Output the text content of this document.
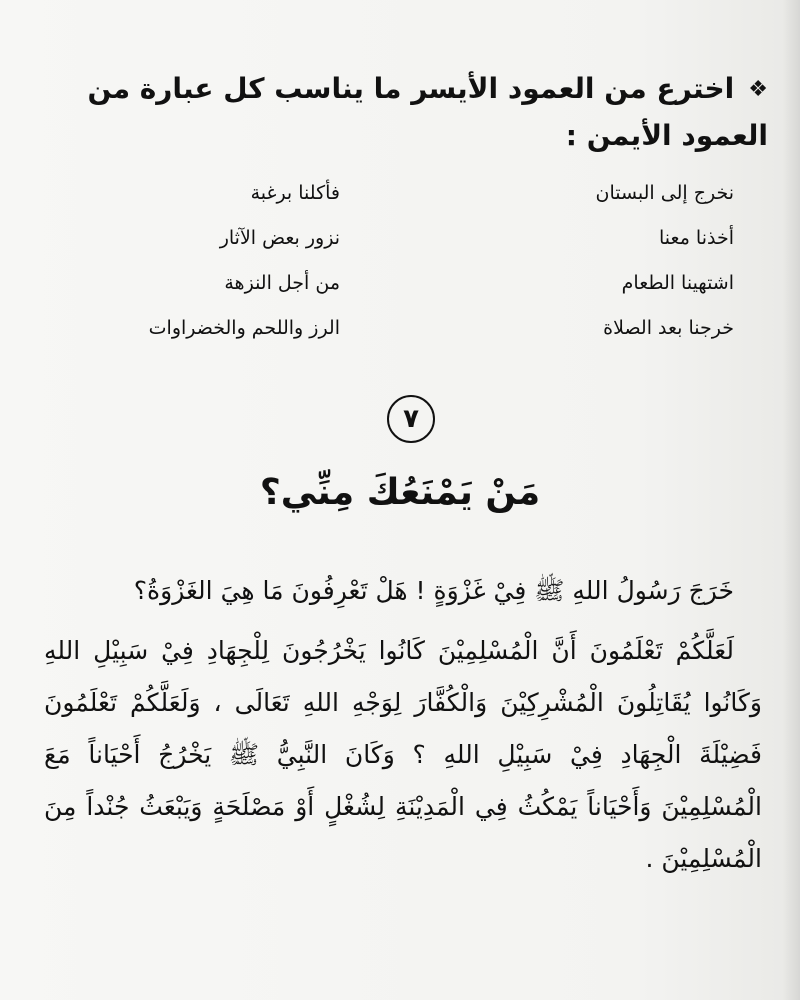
❖اخترع من العمود الأيسر ما يناسب كل عبارة من العمود الأيمن :
نخرج إلى البستان
فأكلنا برغبة
أخذنا معنا
نزور بعض الآثار
اشتهينا الطعام
من أجل النزهة
خرجنا بعد الصلاة
الرز واللحم والخضراوات
٧
مَنْ يَمْنَعُكَ مِنِّي؟

خَرَجَ رَسُولُ اللهِ ﷺ فِيْ غَزْوَةٍ ! هَلْ تَعْرِفُونَ مَا هِيَ الغَزْوَةُ؟

لَعَلَّكُمْ تَعْلَمُونَ أَنَّ الْمُسْلِمِيْنَ كَانُوا يَخْرُجُونَ لِلْجِهَادِ فِيْ سَبِيْلِ اللهِ وَكَانُوا يُقَاتِلُونَ الْمُشْرِكِيْنَ وَالْكُفَّارَ لِوَجْهِ اللهِ تَعَالَى ، وَلَعَلَّكُمْ تَعْلَمُونَ فَضِيْلَةَ الْجِهَادِ فِيْ سَبِيْلِ اللهِ ؟ وَكَانَ النَّبِيُّ ﷺ يَخْرُجُ أَحْيَاناً مَعَ الْمُسْلِمِيْنَ وَأَحْيَاناً يَمْكُثُ فِي الْمَدِيْنَةِ لِشُغْلٍ أَوْ مَصْلَحَةٍ وَيَبْعَثُ جُنْداً مِنَ الْمُسْلِمِيْنَ .
